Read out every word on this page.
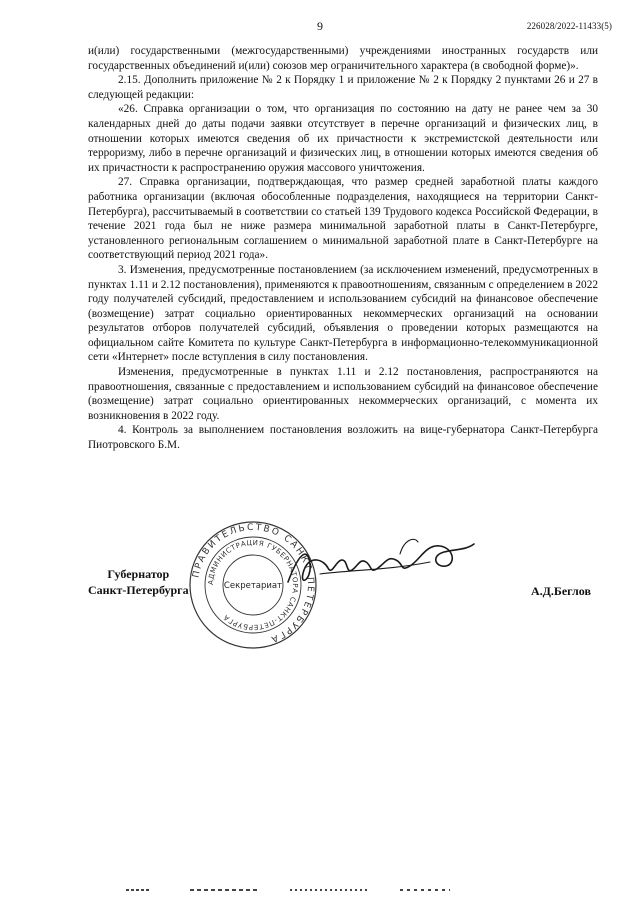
9	226028/2022-11433(5)

и(или) государственными (межгосударственными) учреждениями иностранных государств или государственных объединений и(или) союзов мер ограничительного характера (в свободной форме)».

2.15. Дополнить приложение № 2 к Порядку 1 и приложение № 2 к Порядку 2 пунктами 26 и 27 в следующей редакции:

«26. Справка организации о том, что организация по состоянию на дату не ранее чем за 30 календарных дней до даты подачи заявки отсутствует в перечне организаций и физических лиц, в отношении которых имеются сведения об их причастности к экстремистской деятельности или терроризму, либо в перечне организаций и физических лиц, в отношении которых имеются сведения об их причастности к распространению оружия массового уничтожения.

27. Справка организации, подтверждающая, что размер средней заработной платы каждого работника организации (включая обособленные подразделения, находящиеся на территории Санкт-Петербурга), рассчитываемый в соответствии со статьей 139 Трудового кодекса Российской Федерации, в течение 2021 года был не ниже размера минимальной заработной платы в Санкт-Петербурге, установленного региональным соглашением о минимальной заработной плате в Санкт-Петербурге на соответствующий период 2021 года».

3. Изменения, предусмотренные постановлением (за исключением изменений, предусмотренных в пунктах 1.11 и 2.12 постановления), применяются к правоотношениям, связанным с определением в 2022 году получателей субсидий, предоставлением и использованием субсидий на финансовое обеспечение (возмещение) затрат социально ориентированных некоммерческих организаций на основании результатов отборов получателей субсидий, объявления о проведении которых размещаются на официальном сайте Комитета по культуре Санкт-Петербурга в информационно-телекоммуникационной сети «Интернет» после вступления в силу постановления.

Изменения, предусмотренные в пунктах 1.11 и 2.12 постановления, распространяются на правоотношения, связанные с предоставлением и использованием субсидий на финансовое обеспечение (возмещение) затрат социально ориентированных некоммерческих организаций, с момента их возникновения в 2022 году.

4. Контроль за выполнением постановления возложить на вице-губернатора Санкт-Петербурга Пиотровского Б.М.

Губернатор
Санкт-Петербурга
ПРАВИТЕЛЬСТВО САНКТ-ПЕТЕРБУРГА
АДМИНИСТРАЦИЯ ГУБЕРНАТОРА САНКТ-ПЕТЕРБУРГА
Секретариат	А.Д.Беглов
